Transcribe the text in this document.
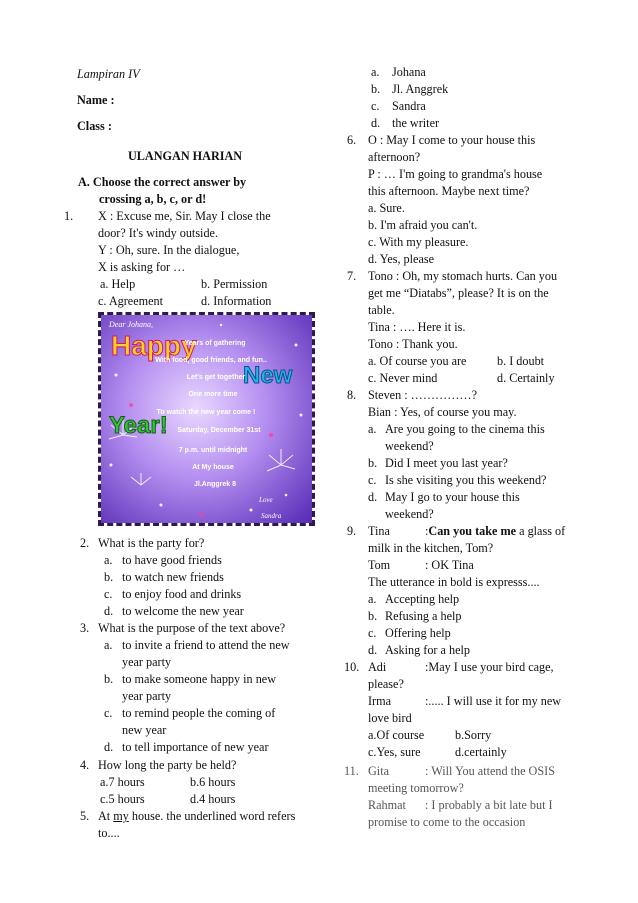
Lampiran IV
Name :
Class :
ULANGAN HARIAN
A. Choose the correct answer by
crossing a, b, c, or d!
1. X : Excuse me, Sir. May I close the
door? It's windy outside.
Y : Oh, sure. In the dialogue,
X is asking for …
a. Help	b. Permission
c. Agreement	d. Information
Dear Johana,
Happy
New
Year!
Years of gathering
With food, good friends, and fun..
Let's get together
One more time
To watch the new year come !
Saturday, December 31st
7 p.m. until midnight
At My house
Jl.Anggrek 8
Love
Sandra
2. What is the party for?
a. to have good friends
b. to watch new friends
c. to enjoy food and drinks
d. to welcome the new year
3. What is the purpose of the text above?
a. to invite a friend to attend the new
year party
b. to make someone happy in new
year party
c. to remind people the coming of
new year
d. to tell importance of new year
4. How long the party be held?
a.7 hours	b.6 hours
c.5 hours	d.4 hours
5. At my house. the underlined word refers
to....
a. Johana
b. Jl. Anggrek
c. Sandra
d. the writer
6. O : May I come to your house this
afternoon?
P : … I'm going to grandma's house
this afternoon. Maybe next time?
a. Sure.
b. I'm afraid you can't.
c. With my pleasure.
d. Yes, please
7. Tono : Oh, my stomach hurts. Can you
get me “Diatabs”, please? It is on the
table.
Tina : …. Here it is.
Tono : Thank you.
a. Of course you are	b. I doubt
c. Never mind	d. Certainly
8. Steven : ……………?
Bian : Yes, of course you may.
a. Are you going to the cinema this
weekend?
b. Did I meet you last year?
c. Is she visiting you this weekend?
d. May I go to your house this
weekend?
9. Tina	:Can you take me a glass of
milk in the kitchen, Tom?
Tom	: OK Tina
The utterance in bold is expresss....
a. Accepting help
b. Refusing a help
c. Offering help
d. Asking for a help
10. Adi	:May I use your bird cage,
please?
Irma	:..... I will use it for my new
love bird
a.Of course	b.Sorry
c.Yes, sure	d.certainly
11. Gita	: Will You attend the OSIS
meeting tomorrow?
Rahmat : I probably a bit late but I
promise to come to the occasion
